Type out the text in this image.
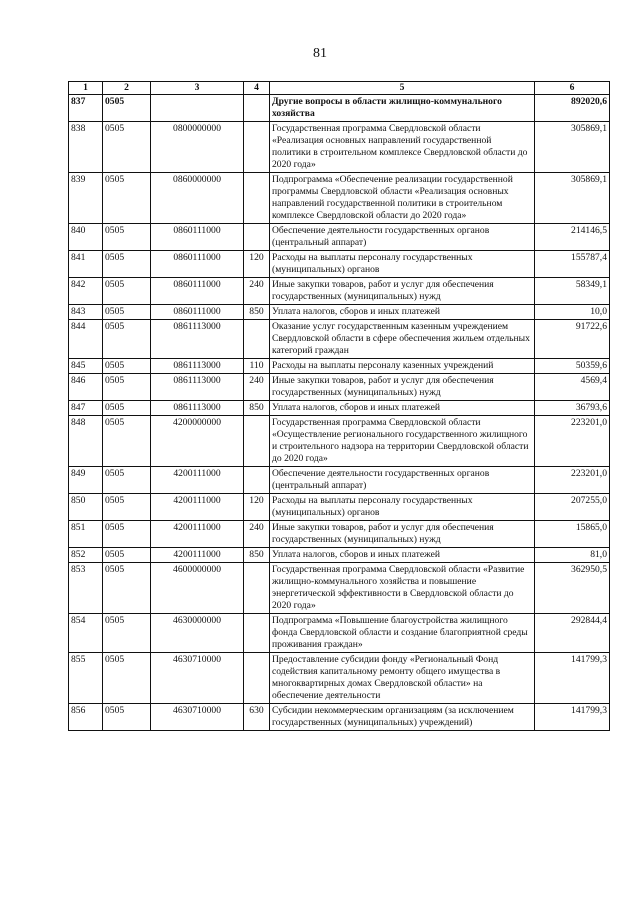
81
1	2	3	4	5	6
837	0505			Другие вопросы в области жилищно-коммунального хозяйства	892020,6
838	0505	0800000000		Государственная программа Свердловской области «Реализация основных направлений государственной политики в строительном комплексе Свердловской области до 2020 года»	305869,1
839	0505	0860000000		Подпрограмма «Обеспечение реализации государственной программы Свердловской области «Реализация основных направлений государственной политики в строительном комплексе Свердловской области до 2020 года»	305869,1
840	0505	0860111000		Обеспечение деятельности государственных органов (центральный аппарат)	214146,5
841	0505	0860111000	120	Расходы на выплаты персоналу государственных (муниципальных) органов	155787,4
842	0505	0860111000	240	Иные закупки товаров, работ и услуг для обеспечения государственных (муниципальных) нужд	58349,1
843	0505	0860111000	850	Уплата налогов, сборов и иных платежей	10,0
844	0505	0861113000		Оказание услуг государственным казенным учреждением Свердловской области в сфере обеспечения жильем отдельных категорий граждан	91722,6
845	0505	0861113000	110	Расходы на выплаты персоналу казенных учреждений	50359,6
846	0505	0861113000	240	Иные закупки товаров, работ и услуг для обеспечения государственных (муниципальных) нужд	4569,4
847	0505	0861113000	850	Уплата налогов, сборов и иных платежей	36793,6
848	0505	4200000000		Государственная программа Свердловской области «Осуществление регионального государственного жилищного и строительного надзора на территории Свердловской области до 2020 года»	223201,0
849	0505	4200111000		Обеспечение деятельности государственных органов (центральный аппарат)	223201,0
850	0505	4200111000	120	Расходы на выплаты персоналу государственных (муниципальных) органов	207255,0
851	0505	4200111000	240	Иные закупки товаров, работ и услуг для обеспечения государственных (муниципальных) нужд	15865,0
852	0505	4200111000	850	Уплата налогов, сборов и иных платежей	81,0
853	0505	4600000000		Государственная программа Свердловской области «Развитие жилищно-коммунального хозяйства и повышение энергетической эффективности в Свердловской области до 2020 года»	362950,5
854	0505	4630000000		Подпрограмма «Повышение благоустройства жилищного фонда Свердловской области и создание благоприятной среды проживания граждан»	292844,4
855	0505	4630710000		Предоставление субсидии фонду «Региональный Фонд содействия капитальному ремонту общего имущества в многоквартирных домах Свердловской области» на обеспечение деятельности	141799,3
856	0505	4630710000	630	Субсидии некоммерческим организациям (за исключением государственных (муниципальных) учреждений)	141799,3
